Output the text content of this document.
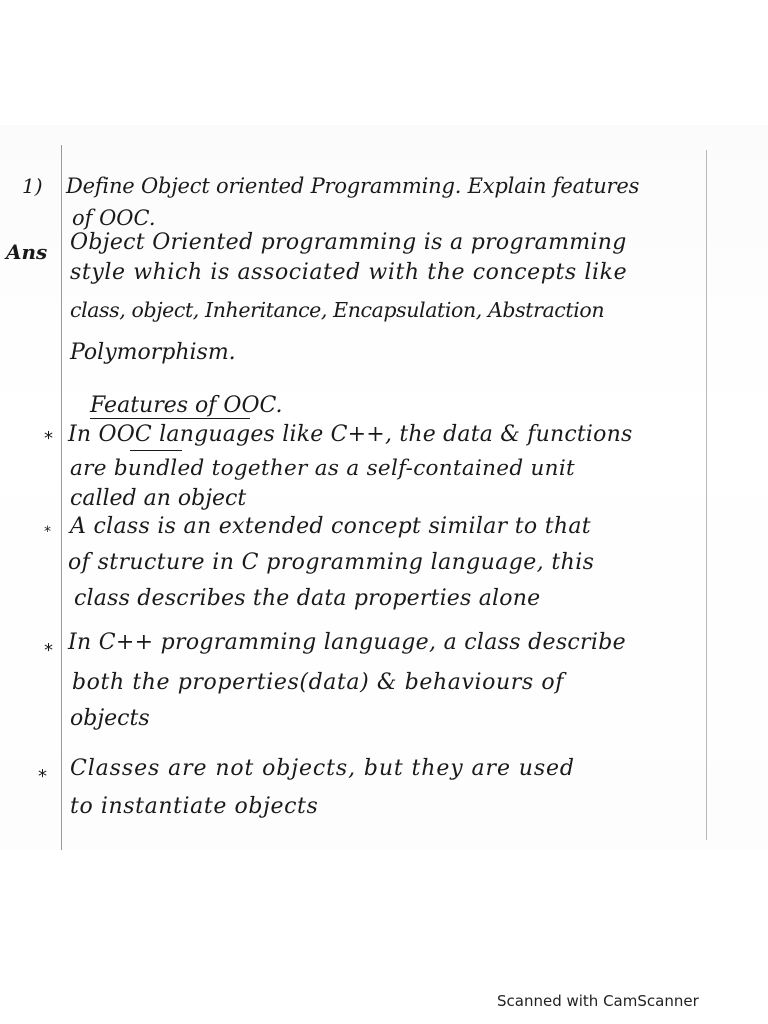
1) Define Object oriented Programming. Explain features
of OOC.
Ans Object Oriented programming is a programming
style which is associated with the concepts like
class, object, Inheritance, Encapsulation, Abstraction
Polymorphism.
Features of OOC.
* In OOC languages like C++, the data & functions
are bundled together as a self-contained unit
called an object
* A class is an extended concept similar to that
of structure in C programming language, this
class describes the data properties alone
* In C++ programming language, a class describe
both the properties(data) & behaviours of
objects
* Classes are not objects, but they are used
to instantiate objects
Scanned with CamScanner
